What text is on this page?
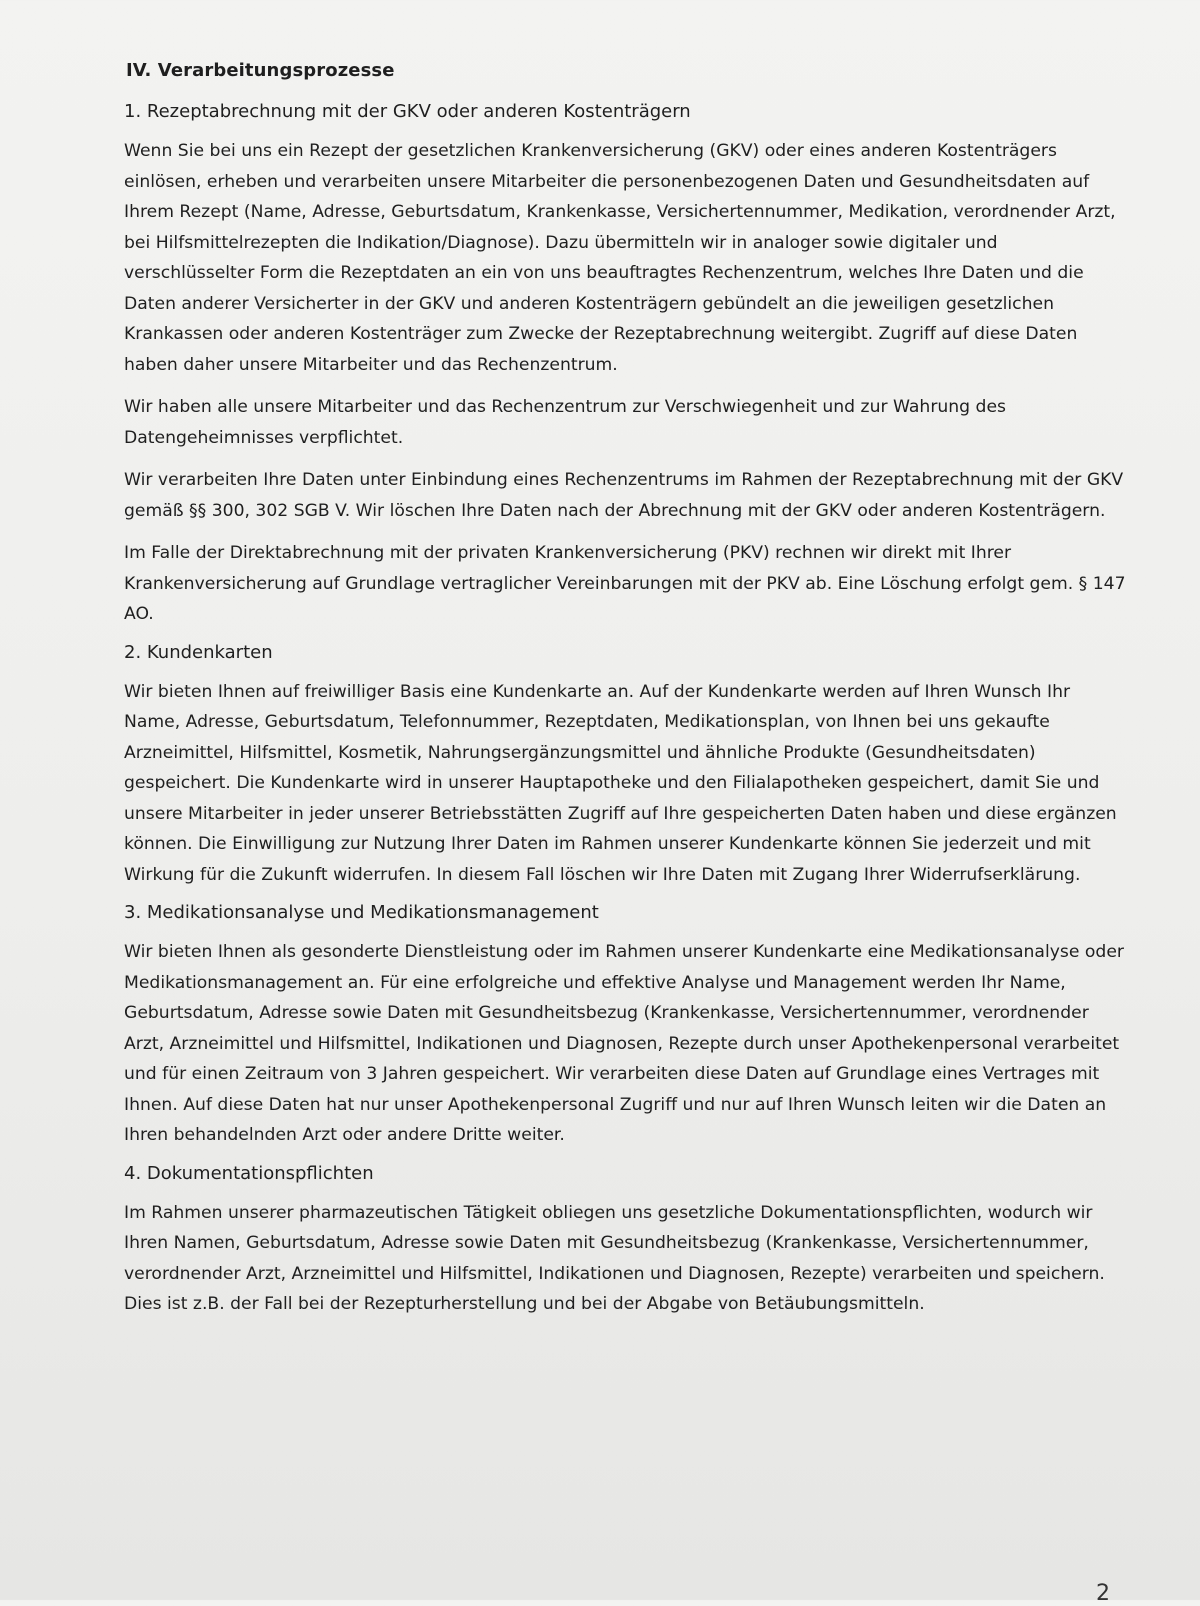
IV. Verarbeitungsprozesse
1. Rezeptabrechnung mit der GKV oder anderen Kostenträgern
Wenn Sie bei uns ein Rezept der gesetzlichen Krankenversicherung (GKV) oder eines anderen Kostenträgers einlösen, erheben und verarbeiten unsere Mitarbeiter die personenbezogenen Daten und Gesundheitsdaten auf Ihrem Rezept (Name, Adresse, Geburtsdatum, Krankenkasse, Versichertennummer, Medikation, verordnender Arzt, bei Hilfsmittelrezepten die Indikation/Diagnose). Dazu übermitteln wir in analoger sowie digitaler und verschlüsselter Form die Rezeptdaten an ein von uns beauftragtes Rechenzentrum, welches Ihre Daten und die Daten anderer Versicherter in der GKV und anderen Kostenträgern gebündelt an die jeweiligen gesetzlichen Krankassen oder anderen Kostenträger zum Zwecke der Rezeptabrechnung weitergibt. Zugriff auf diese Daten haben daher unsere Mitarbeiter und das Rechenzentrum.
Wir haben alle unsere Mitarbeiter und das Rechenzentrum zur Verschwiegenheit und zur Wahrung des Datengeheimnisses verpflichtet.
Wir verarbeiten Ihre Daten unter Einbindung eines Rechenzentrums im Rahmen der Rezeptabrechnung mit der GKV gemäß §§ 300, 302 SGB V. Wir löschen Ihre Daten nach der Abrechnung mit der GKV oder anderen Kostenträgern.
Im Falle der Direktabrechnung mit der privaten Krankenversicherung (PKV) rechnen wir direkt mit Ihrer Krankenversicherung auf Grundlage vertraglicher Vereinbarungen mit der PKV ab. Eine Löschung erfolgt gem. § 147 AO.
2. Kundenkarten
Wir bieten Ihnen auf freiwilliger Basis eine Kundenkarte an. Auf der Kundenkarte werden auf Ihren Wunsch Ihr Name, Adresse, Geburtsdatum, Telefonnummer, Rezeptdaten, Medikationsplan, von Ihnen bei uns gekaufte Arzneimittel, Hilfsmittel, Kosmetik, Nahrungsergänzungsmittel und ähnliche Produkte (Gesundheitsdaten) gespeichert. Die Kundenkarte wird in unserer Hauptapotheke und den Filialapotheken gespeichert, damit Sie und unsere Mitarbeiter in jeder unserer Betriebsstätten Zugriff auf Ihre gespeicherten Daten haben und diese ergänzen können. Die Einwilligung zur Nutzung Ihrer Daten im Rahmen unserer Kundenkarte können Sie jederzeit und mit Wirkung für die Zukunft widerrufen. In diesem Fall löschen wir Ihre Daten mit Zugang Ihrer Widerrufserklärung.
3. Medikationsanalyse und Medikationsmanagement
Wir bieten Ihnen als gesonderte Dienstleistung oder im Rahmen unserer Kundenkarte eine Medikationsanalyse oder Medikationsmanagement an. Für eine erfolgreiche und effektive Analyse und Management werden Ihr Name, Geburtsdatum, Adresse sowie Daten mit Gesundheitsbezug (Krankenkasse, Versichertennummer, verordnender Arzt, Arzneimittel und Hilfsmittel, Indikationen und Diagnosen, Rezepte durch unser Apothekenpersonal verarbeitet und für einen Zeitraum von 3 Jahren gespeichert. Wir verarbeiten diese Daten auf Grundlage eines Vertrages mit Ihnen. Auf diese Daten hat nur unser Apothekenpersonal Zugriff und nur auf Ihren Wunsch leiten wir die Daten an Ihren behandelnden Arzt oder andere Dritte weiter.
4. Dokumentationspflichten
Im Rahmen unserer pharmazeutischen Tätigkeit obliegen uns gesetzliche Dokumentationspflichten, wodurch wir Ihren Namen, Geburtsdatum, Adresse sowie Daten mit Gesundheitsbezug (Krankenkasse, Versichertennummer, verordnender Arzt, Arzneimittel und Hilfsmittel, Indikationen und Diagnosen, Rezepte) verarbeiten und speichern. Dies ist z.B. der Fall bei der Rezepturherstellung und bei der Abgabe von Betäubungsmitteln.
2
